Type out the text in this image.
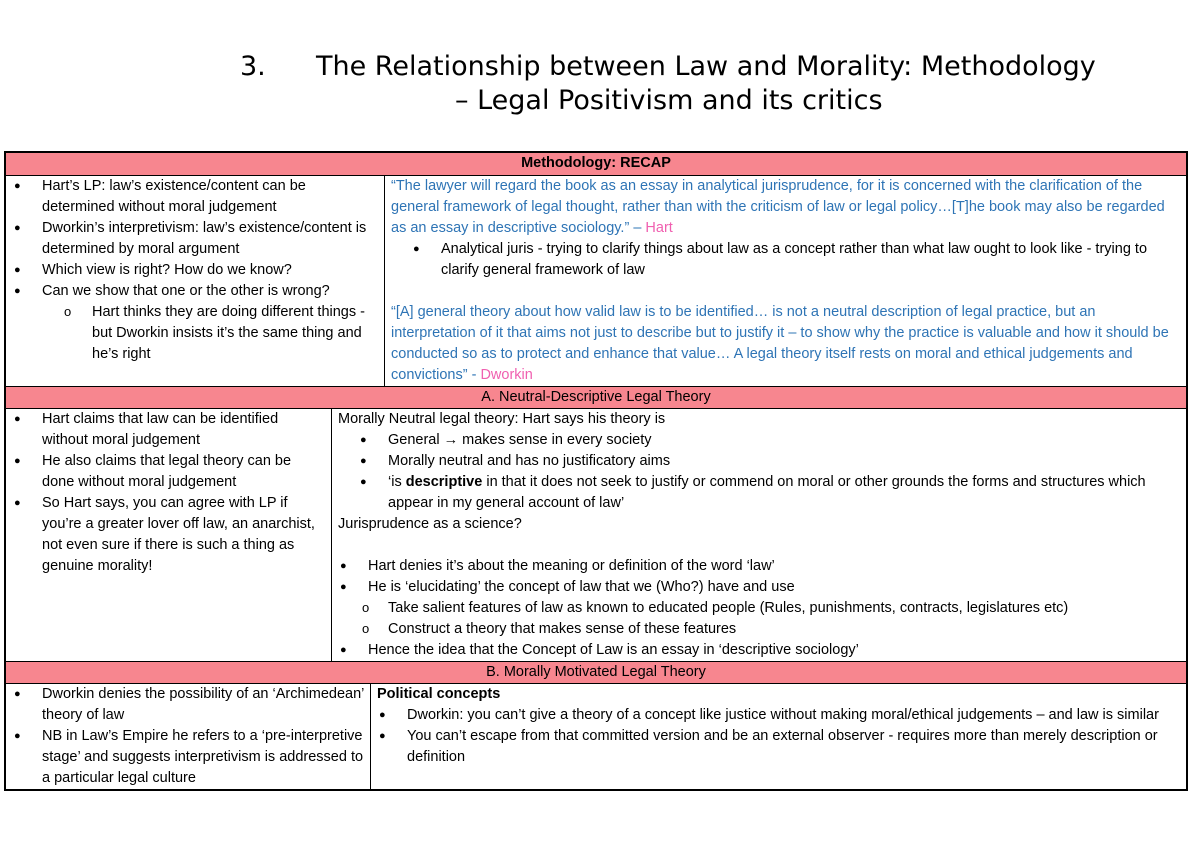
3. The Relationship between Law and Morality: Methodology
– Legal Positivism and its critics
Methodology: RECAP
● Hart’s LP: law’s existence/content can be determined without moral judgement
● Dworkin’s interpretivism: law’s existence/content is determined by moral argument
● Which view is right? How do we know?
● Can we show that one or the other is wrong?
o Hart thinks they are doing different things - but Dworkin insists it’s the same thing and he’s right
“The lawyer will regard the book as an essay in analytical jurisprudence, for it is concerned with the clarification of the general framework of legal thought, rather than with the criticism of law or legal policy…[T]he book may also be regarded as an essay in descriptive sociology.” – Hart
● Analytical juris - trying to clarify things about law as a concept rather than what law ought to look like - trying to clarify general framework of law
“[A] general theory about how valid law is to be identified… is not a neutral description of legal practice, but an interpretation of it that aims not just to describe but to justify it – to show why the practice is valuable and how it should be conducted so as to protect and enhance that value… A legal theory itself rests on moral and ethical judgements and convictions” - Dworkin
A. Neutral-Descriptive Legal Theory
● Hart claims that law can be identified without moral judgement
● He also claims that legal theory can be done without moral judgement
● So Hart says, you can agree with LP if you’re a greater lover off law, an anarchist, not even sure if there is such a thing as genuine morality!
Morally Neutral legal theory: Hart says his theory is
● General → makes sense in every society
● Morally neutral and has no justificatory aims
● ‘is descriptive in that it does not seek to justify or commend on moral or other grounds the forms and structures which appear in my general account of law’
Jurisprudence as a science?
● Hart denies it’s about the meaning or definition of the word ‘law’
● He is ‘elucidating’ the concept of law that we (Who?) have and use
o Take salient features of law as known to educated people (Rules, punishments, contracts, legislatures etc)
o Construct a theory that makes sense of these features
● Hence the idea that the Concept of Law is an essay in ‘descriptive sociology’
B. Morally Motivated Legal Theory
● Dworkin denies the possibility of an ‘Archimedean’ theory of law
● NB in Law’s Empire he refers to a ‘pre-interpretive stage’ and suggests interpretivism is addressed to a particular legal culture
Political concepts
● Dworkin: you can’t give a theory of a concept like justice without making moral/ethical judgements – and law is similar
● You can’t escape from that committed version and be an external observer - requires more than merely description or definition
